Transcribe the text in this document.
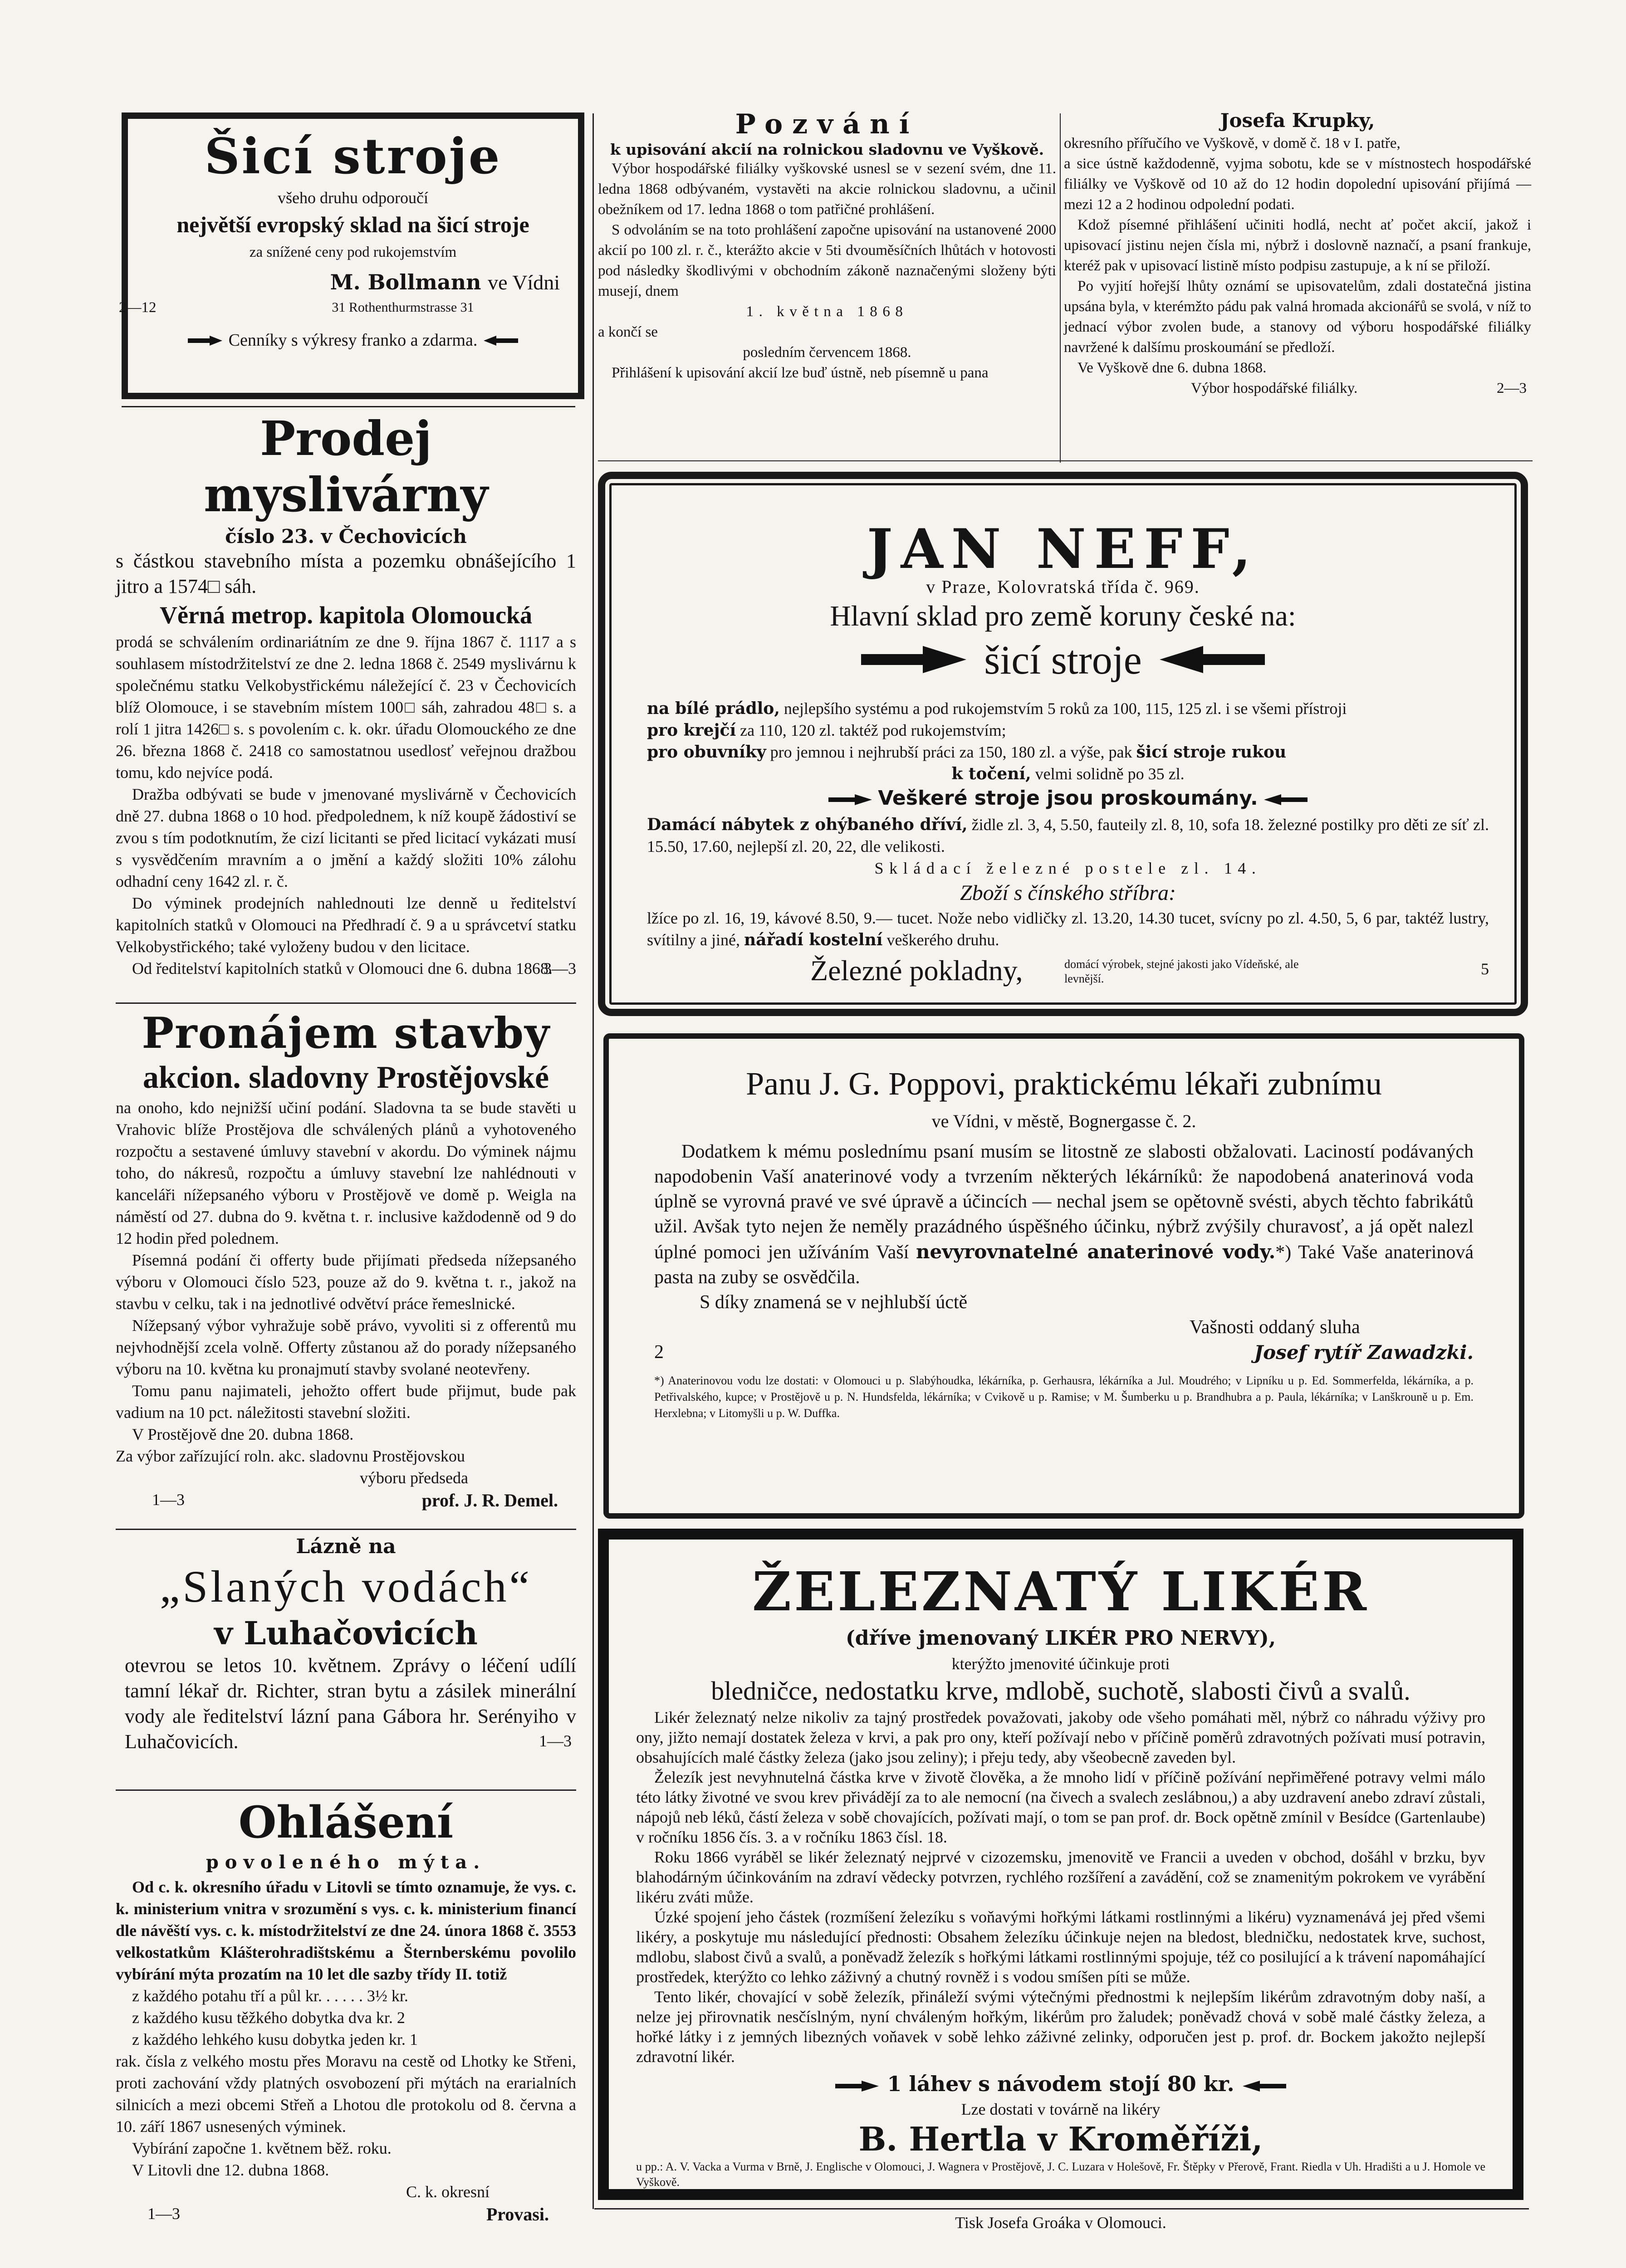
Šicí stroje
všeho druhu odporoučí
největší evropský sklad na šicí stroje
za snížené ceny pod rukojemstvím
M. Bollmann ve Vídni
2—12	31 Rothenthurmstrasse 31
Cenníky s výkresy franko a zdarma.
Prodej myslivárny
číslo 23. v Čechovicích

s částkou stavebního místa a pozemku obnášejícího 1 jitro a 1574□ sáh.

Věrná metrop. kapitola Olomoucká

prodá se schválením ordinariátním ze dne 9. října 1867 č. 1117 a s souhlasem místodržitelství ze dne 2. ledna 1868 č. 2549 myslivárnu k společnému statku Velkobystřickému náležející č. 23 v Čechovicích blíž Olomouce, i se stavebním místem 100□ sáh, zahradou 48□ s. a rolí 1 jitra 1426□ s. s povolením c. k. okr. úřadu Olomouckého ze dne 26. března 1868 č. 2418 co samostatnou usedlosť veřejnou dražbou tomu, kdo nejvíce podá.

Dražba odbývati se bude v jmenované myslivárně v Čechovicích dně 27. dubna 1868 o 10 hod. předpolednem, k níž koupě žádostiví se zvou s tím podotknutím, že cizí licitanti se před licitací vykázati musí s vysvědčením mravním a o jmění a každý složiti 10% zálohu odhadní ceny 1642 zl. r. č.

Do výminek prodejních nahlednouti lze denně u ředitelství kapitolních statků v Olomouci na Předhradí č. 9 a u správcetví statku Velkobystřického; také vyloženy budou v den licitace.

Od ředitelství kapitolních statků v Olomouci dne 6. dubna 1868.

3—3
Pronájem stavby
akcion. sladovny Prostějovské

na onoho, kdo nejnižší učiní podání. Sladovna ta se bude stavěti u Vrahovic blíže Prostějova dle schválených plánů a vyhotoveného rozpočtu a sestavené úmluvy stavební v akordu. Do výminek nájmu toho, do nákresů, rozpočtu a úmluvy stavební lze nahlédnouti v kanceláři nížepsaného výboru v Prostějově ve domě p. Weigla na náměstí od 27. dubna do 9. května t. r. inclusive každodenně od 9 do 12 hodin před polednem.

Písemná podání či offerty bude přijímati předseda nížepsaného výboru v Olomouci číslo 523, pouze až do 9. května t. r., jakož na stavbu v celku, tak i na jednotlivé odvětví práce řemeslnické.

Nížepsaný výbor vyhražuje sobě právo, vyvoliti si z offerentů mu nejvhodnější zcela volně. Offerty zůstanou až do porady nížepsaného výboru na 10. května ku pronajmutí stavby svolané neotevřeny.

Tomu panu najimateli, jehožto offert bude přijmut, bude pak vadium na 10 pct. náležitosti stavební složiti.

V Prostějově dne 20. dubna 1868.

Za výbor zařízující roln. akc. sladovnu Prostějovskou

výboru předseda

1—3	prof. J. R. Demel.
Lázně na
„Slaných vodách“
v Luhačovicích

otevrou se letos 10. květnem. Zprávy o léčení udílí tamní lékař dr. Richter, stran bytu a zásilek minerální vody ale ředitelství lázní pana Gábora hr. Serényiho v Luhačovicích.	1—3
Ohlášení
povoleného mýta.

Od c. k. okresního úřadu v Litovli se tímto oznamuje, že vys. c. k. ministerium vnitra v srozumění s vys. c. k. ministerium financí dle návěští vys. c. k. místodržitelství ze dne 24. února 1868 č. 3553 velkostatkům Klášterohradištskému a Šternberskému povolilo vybírání mýta prozatím na 10 let dle sazby třídy II. totiž

z každého potahu tří a půl kr. . . . . . 3½ kr.

z každého kusu těžkého dobytka dva kr. 2

z každého lehkého kusu dobytka jeden kr. 1

rak. čísla z velkého mostu přes Moravu na cestě od Lhotky ke Střeni, proti zachování vždy platných osvobození při mýtách na erarialních silnicích a mezi obcemi Střeň a Lhotou dle protokolu od 8. června a 10. září 1867 usnesených výminek.

Vybírání započne 1. květnem běž. roku.

V Litovli dne 12. dubna 1868.

C. k. okresní

1—3	Provasi.
Pozvání
k upisování akcií na rolnickou sladovnu ve Vyškově.

Výbor hospodářské filiálky vyškovské usnesl se v sezení svém, dne 11. ledna 1868 odbývaném, vystavěti na akcie rolnickou sladovnu, a učinil obežníkem od 17. ledna 1868 o tom patřičné prohlášení.

S odvoláním se na toto prohlášení započne upisování na ustanovené 2000 akcií po 100 zl. r. č., kterážto akcie v 5ti dvouměsíčních lhůtách v hotovosti pod následky škodlivými v obchodním zákoně naznačenými složeny býti musejí, dnem

1. května 1868

a končí se

posledním červencem 1868.

Přihlášení k upisování akcií lze buď ústně, neb písemně u pana

Josefa Krupky,

okresního přířučího ve Vyškově, v domě č. 18 v I. patře,

a sice ústně každodenně, vyjma sobotu, kde se v místnostech hospodářské filiálky ve Vyškově od 10 až do 12 hodin dopolední upisování přijímá — mezi 12 a 2 hodinou odpolední podati.

Kdož písemné přihlášení učiniti hodlá, necht ať počet akcií, jakož i upisovací jistinu nejen čísla mi, nýbrž i doslovně naznačí, a psaní frankuje, kteréž pak v upisovací listině místo podpisu zastupuje, a k ní se přiloží.

Po vyjití hořejší lhůty oznámí se upisovatelům, zdali dostatečná jistina upsána byla, v kterémžto pádu pak valná hromada akcionářů se svolá, v níž to jednací výbor zvolen bude, a stanovy od výboru hospodářské filiálky navržené k dalšímu proskoumání se předloží.

Ve Vyškově dne 6. dubna 1868.

Výbor hospodářské filiálky.	2—3
JAN NEFF,
v Praze, Kolovratská třída č. 969.
Hlavní sklad pro země koruny české na:
šicí stroje

na bílé prádlo, nejlepšího systému a pod rukojemstvím 5 roků za 100, 115, 125 zl. i se všemi přístroji

pro krejčí za 110, 120 zl. taktéž pod rukojemstvím;

pro obuvníky pro jemnou i nejhrubší práci za 150, 180 zl. a výše, pak šicí stroje rukou

k točení, velmi solidně po 35 zl.

Veškeré stroje jsou proskoumány.

Damácí nábytek z ohýbaného dříví, židle zl. 3, 4, 5.50, fauteily zl. 8, 10, sofa 18. železné postilky pro děti ze síť zl. 15.50, 17.60, nejlepší zl. 20, 22, dle velikosti.

Skládací železné postele zl. 14.

Zboží s čínského stříbra:

lžíce po zl. 16, 19, kávové 8.50, 9.— tucet. Nože nebo vidličky zl. 13.20, 14.30 tucet, svícny po zl. 4.50, 5, 6 par, taktéž lustry, svítilny a jiné, nářadí kostelní veškerého druhu.

Železné pokladny,	domácí výrobek, stejné jakosti jako Vídeňské, ale levnější.
5
Panu J. G. Poppovi, praktickému lékaři zubnímu
ve Vídni, v městě, Bognergasse č. 2.

Dodatkem k mému poslednímu psaní musím se litostně ze slabosti obžalovati. Laciností podávaných napodobenin Vaší anaterinové vody a tvrzením některých lékárníků: že napodobená anaterinová voda úplně se vyrovná pravé ve své úpravě a účincích — nechal jsem se opětovně svésti, abych těchto fabrikátů užil. Avšak tyto nejen že neměly prazádného úspěšného účinku, nýbrž zvýšily churavosť, a já opět nalezl úplné pomoci jen užíváním Vaší nevyrovnatelné anaterinové vody.*) Také Vaše anaterinová pasta na zuby se osvědčila.

S díky znamená se v nejhlubší úctě

Vašnosti oddaný sluha

2	Josef rytíř Zawadzki.

*) Anaterinovou vodu lze dostati: v Olomouci u p. Slabýhoudka, lékárníka, p. Gerhausra, lékárníka a Jul. Moudrého; v Lipníku u p. Ed. Sommerfelda, lékárníka, a p. Petřivalského, kupce; v Prostějově u p. N. Hundsfelda, lékárníka; v Cvikově u p. Ramise; v M. Šumberku u p. Brandhubra a p. Paula, lékárníka; v Lanškrouně u p. Em. Herxlebna; v Litomyšli u p. W. Duffka.

ŽELEZNATÝ LIKÉR
(dříve jmenovaný LIKÉR PRO NERVY),

kterýžto jmenovité účinkuje proti

bledničce, nedostatku krve, mdlobě, suchotě, slabosti čivů a svalů.

Likér železnatý nelze nikoliv za tajný prostředek považovati, jakoby ode všeho pomáhati měl, nýbrž co náhradu výživy pro ony, jižto nemají dostatek železa v krvi, a pak pro ony, kteří požívají nebo v příčině poměrů zdravotných požívati musí potravin, obsahujících malé částky železa (jako jsou zeliny); i přeju tedy, aby všeobecně zaveden byl.

Železík jest nevyhnutelná částka krve v životě člověka, a že mnoho lidí v příčině požívání nepřiměřené potravy velmi málo této látky životné ve svou krev přivádějí za to ale nemocní (na čivech a svalech zeslábnou,) a aby uzdravení anebo zdraví zůstali, nápojů neb léků, částí železa v sobě chovajících, požívati mají, o tom se pan prof. dr. Bock opětně zmínil v Besídce (Gartenlaube) v ročníku 1856 čís. 3. a v ročníku 1863 čísl. 18.

Roku 1866 vyráběl se likér železnatý nejprvé v cizozemsku, jmenovitě ve Francii a uveden v obchod, došáhl v brzku, byv blahodárným účinkováním na zdraví vědecky potvrzen, rychlého rozšíření a zavádění, což se znamenitým pokrokem ve vyrábění likéru zváti může.

Úzké spojení jeho částek (rozmíšení železíku s voňavými hořkými látkami rostlinnými a likéru) vyznamenává jej před všemi likéry, a poskytuje mu následující přednosti: Obsahem železíku účinkuje nejen na bledost, bledničku, nedostatek krve, suchost, mdlobu, slabost čivů a svalů, a poněvadž železík s hořkými látkami rostlinnými spojuje, též co posilující a k trávení napomáhající prostředek, kterýžto co lehko záživný a chutný rovněž i s vodou smíšen píti se může.

Tento likér, chovající v sobě železík, přináleží svými výtečnými přednostmi k nejlepším likérům zdravotným doby naší, a nelze jej přirovnatik nesčíslným, nyní chváleným hořkým, likérům pro žaludek; poněvadž chová v sobě malé částky železa, a hořké látky i z jemných libezných voňavek v sobě lehko záživné zelinky, odporučen jest p. prof. dr. Bockem jakožto nejlepší zdravotní likér.

1 láhev s návodem stojí 80 kr.

Lze dostati v továrně na likéry

B. Hertla v Kroměříži,

u pp.: A. V. Vacka a Vurma v Brně, J. Englische v Olomouci, J. Wagnera v Prostějově, J. C. Luzara v Holešově, Fr. Štěpky v Přerově, Frant. Riedla v Uh. Hradišti a u J. Homole ve Vyškově.

Tisk Josefa Groáka v Olomouci.
